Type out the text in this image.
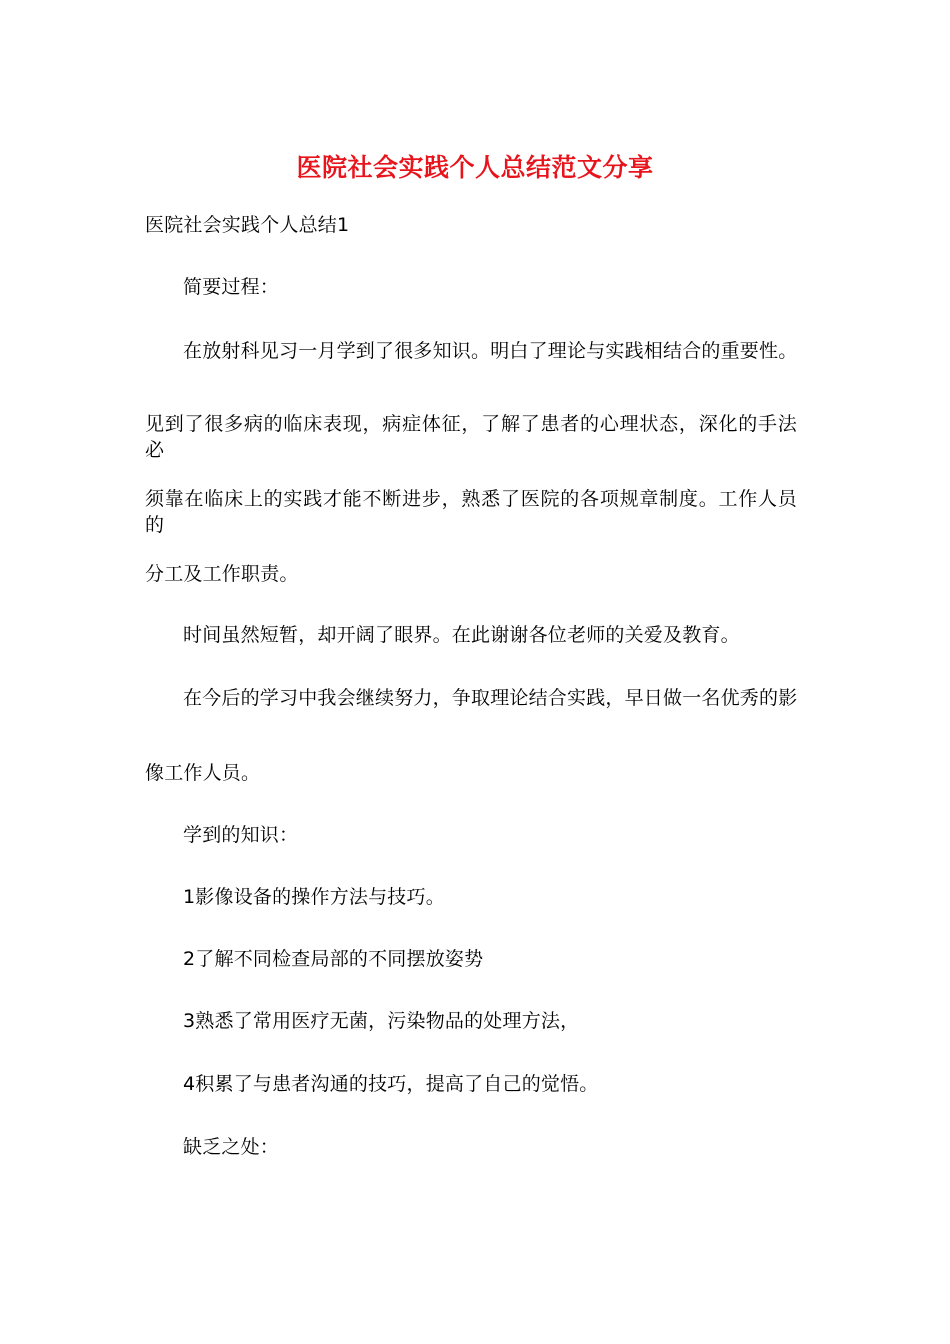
医院社会实践个人总结范文分享
医院社会实践个人总结1
简要过程：
在放射科见习一月学到了很多知识。明白了理论与实践相结合的重要性。
见到了很多病的临床表现，病症体征，了解了患者的心理状态，深化的手法必
须靠在临床上的实践才能不断进步，熟悉了医院的各项规章制度。工作人员的
分工及工作职责。
时间虽然短暂，却开阔了眼界。在此谢谢各位老师的关爱及教育。
在今后的学习中我会继续努力，争取理论结合实践，早日做一名优秀的影
像工作人员。
学到的知识：
1影像设备的操作方法与技巧。
2了解不同检查局部的不同摆放姿势
3熟悉了常用医疗无菌，污染物品的处理方法，
4积累了与患者沟通的技巧，提高了自己的觉悟。
缺乏之处：
